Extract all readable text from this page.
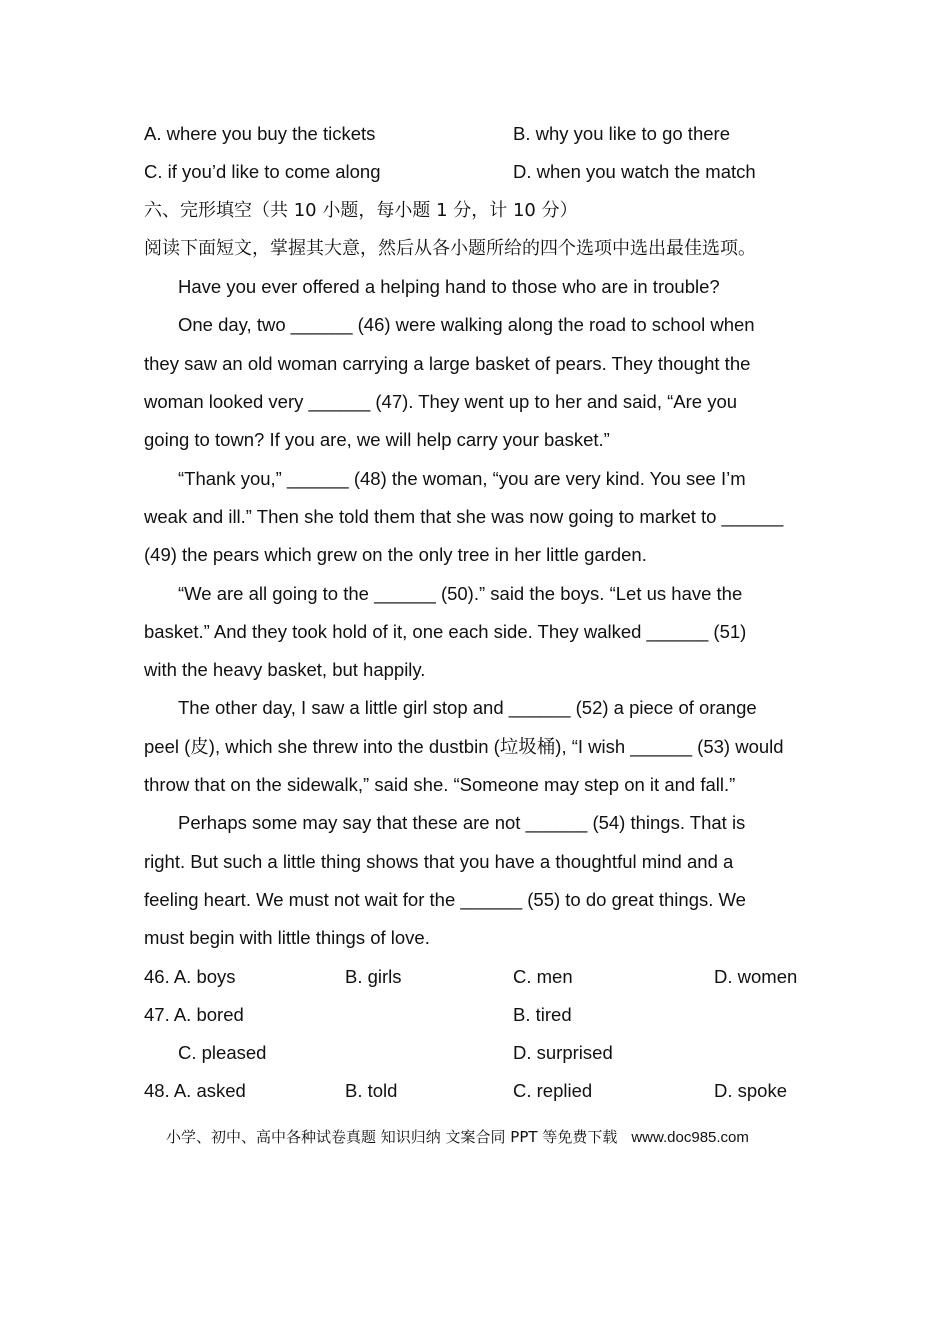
A. where you buy the tickets	B. why you like to go there
C. if you’d like to come along	D. when you watch the match
六、完形填空（共 10 小题，每小题 1 分，计 10 分）
阅读下面短文，掌握其大意，然后从各小题所给的四个选项中选出最佳选项。
Have you ever offered a helping hand to those who are in trouble?
One day, two ______ (46) were walking along the road to school when
they saw an old woman carrying a large basket of pears. They thought the
woman looked very ______ (47). They went up to her and said, “Are you
going to town? If you are, we will help carry your basket.”
“Thank you,” ______ (48) the woman, “you are very kind. You see I’m
weak and ill.” Then she told them that she was now going to market to ______
(49) the pears which grew on the only tree in her little garden.
“We are all going to the ______ (50).” said the boys. “Let us have the
basket.” And they took hold of it, one each side. They walked ______ (51)
with the heavy basket, but happily.
The other day, I saw a little girl stop and ______ (52) a piece of orange
peel (皮), which she threw into the dustbin (垃圾桶), “I wish ______ (53) would
throw that on the sidewalk,” said she. “Someone may step on it and fall.”
Perhaps some may say that these are not ______ (54) things. That is
right. But such a little thing shows that you have a thoughtful mind and a
feeling heart. We must not wait for the ______ (55) to do great things. We
must begin with little things of love.
46. A. boys	B. girls	C. men	D. women
47. A. bored	B. tired
C. pleased	D. surprised
48. A. asked	B. told	C. replied	D. spoke
小学、初中、高中各种试卷真题 知识归纳 文案合同 PPT 等免费下载 www.doc985.com
